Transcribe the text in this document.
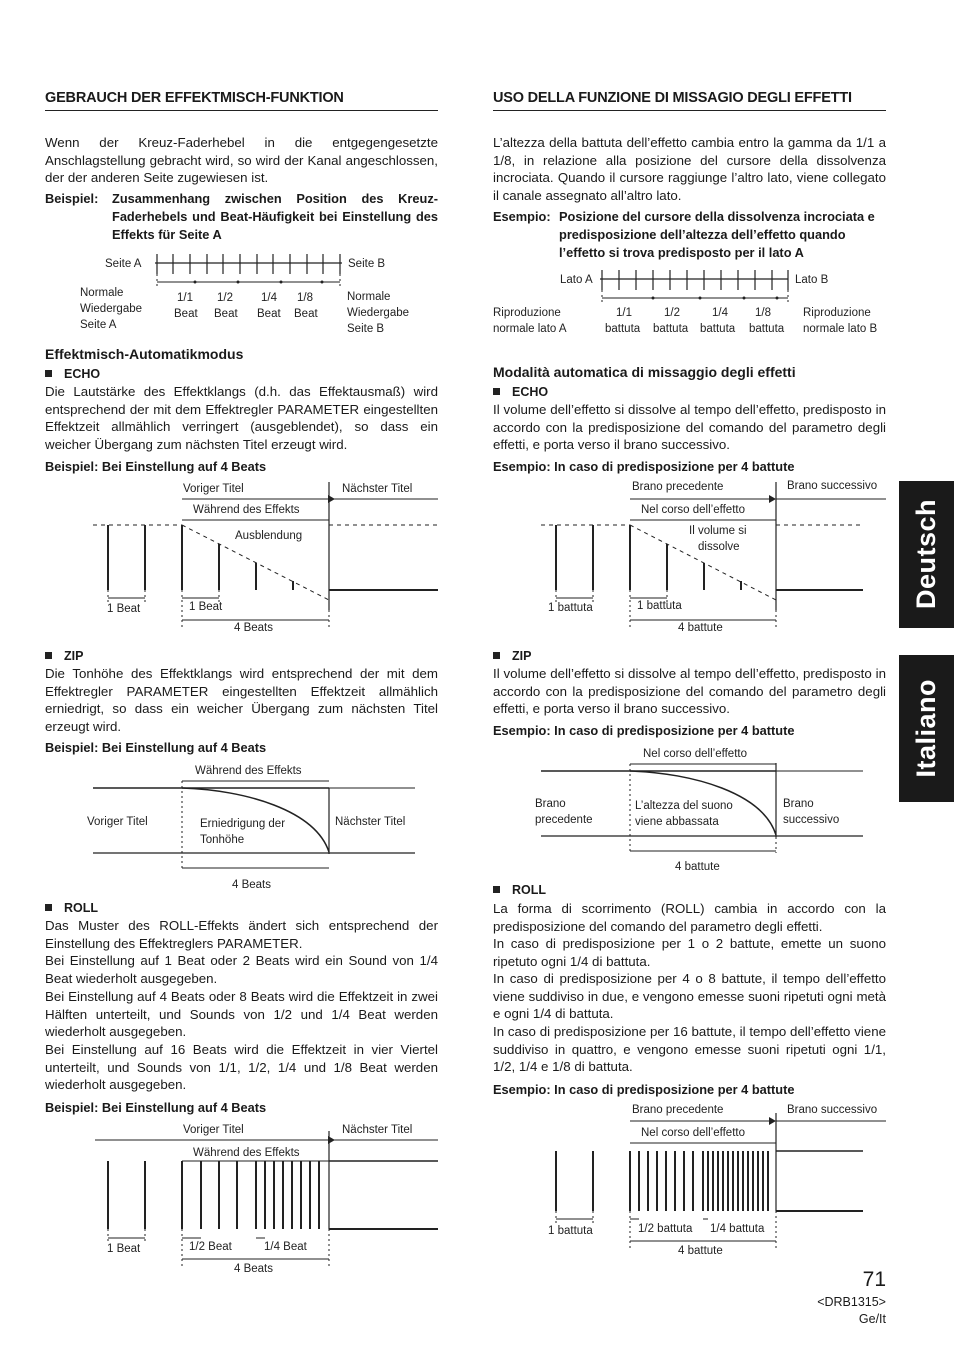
GEBRAUCH DER EFFEKTMISCH-FUNKTION	USO DELLA FUNZIONE DI MISSAGIO DEGLI EFFETTI
Wenn der Kreuz-Faderhebel in die entgegengesetzte Anschlagstellung gebracht wird, so wird der Kanal angeschlossen, der der anderen Seite zugewiesen ist.
Beispiel: Zusammenhang zwischen Position des Kreuz-Faderhebels und Beat-Häufigkeit bei Einstellung des Effekts für Seite A
Seite A	Seite B
Normale
Wiedergabe
Seite A
Normale
Wiedergabe
Seite B
1/1 1/2 1/4 1/8
Beat Beat Beat Beat
Effektmisch-Automatikmodus
ECHO
Die Lautstärke des Effektklangs (d.h. das Effektausmaß) wird entsprechend der mit dem Effektregler PARAMETER eingestellten Effektzeit allmählich verringert (ausgeblendet), so dass ein weicher Übergang zum nächsten Titel erzeugt wird.
Beispiel: Bei Einstellung auf 4 Beats
Voriger Titel	Nächster Titel
Während des Effekts
Ausblendung
1 Beat	1 Beat
4 Beats
ZIP
Die Tonhöhe des Effektklangs wird entsprechend der mit dem Effektregler PARAMETER eingestellten Effektzeit allmählich erniedrigt, so dass ein weicher Übergang zum nächsten Titel erzeugt wird.
Beispiel: Bei Einstellung auf 4 Beats
Während des Effekts
Voriger Titel	Erniedrigung der
Tonhöhe
Nächster Titel
4 Beats
ROLL
Das Muster des ROLL-Effekts ändert sich entsprechend der Einstellung des Effektreglers PARAMETER.
Bei Einstellung auf 1 Beat oder 2 Beats wird ein Sound von 1/4 Beat wiederholt ausgegeben.
Bei Einstellung auf 4 Beats oder 8 Beats wird die Effektzeit in zwei Hälften unterteilt, und Sounds von 1/2 und 1/4 Beat werden wiederholt ausgegeben.
Bei Einstellung auf 16 Beats wird die Effektzeit in vier Viertel unterteilt, und Sounds von 1/1, 1/2, 1/4 und 1/8 Beat werden wiederholt ausgegeben.
Beispiel: Bei Einstellung auf 4 Beats
Voriger Titel	Nächster Titel
Während des Effekts
1 Beat	1/2 Beat	1/4 Beat
4 Beats
L’altezza della battuta dell’effetto cambia entro la gamma da 1/1 a 1/8, in relazione alla posizione del cursore della dissolvenza incrociata. Quando il cursore raggiunge l’altro lato, viene collegato il canale assegnato all’altro lato.
Esempio: Posizione del cursore della dissolvenza incrociata e predisposizione dell’altezza dell’effetto quando l’effetto si trova predisposto per il lato A
Lato A	Lato B
Riproduzione
normale lato A
Riproduzione
normale lato B
1/1	1/2	1/4 1/8
battuta battuta battuta battuta
Modalità automatica di missaggio degli effetti
ECHO
Il volume dell’effetto si dissolve al tempo dell’effetto, predisposto in accordo con la predisposizione del comando del parametro degli effetti, e porta verso il brano successivo.
Esempio: In caso di predisposizione per 4 battute
Brano precedente	Brano successivo
Nel corso dell’effetto
Il volume si
dissolve
1 battuta	1 battuta
4 battute
ZIP
Il volume dell’effetto si dissolve al tempo dell’effetto, predisposto in accordo con la predisposizione del comando del parametro degli effetti, e porta verso il brano successivo.
Esempio: In caso di predisposizione per 4 battute
Nel corso dell’effetto
Brano
precedente
L’altezza del suono
viene abbassata
Brano
successivo
4 battute
ROLL
La forma di scorrimento (ROLL) cambia in accordo con la predisposizione del comando del parametro degli effetti.
In caso di predisposizione per 1 o 2 battute, emette un suono ripetuto ogni 1/4 di battuta.
In caso di predisposizione per 4 o 8 battute, il tempo dell’effetto viene suddiviso in due, e vengono emesse suoni ripetuti ogni metà e ogni 1/4 di battuta.
In caso di predisposizione per 16 battute, il tempo dell’effetto viene suddiviso in quattro, e vengono emesse suoni ripetuti ogni 1/1, 1/2, 1/4 e 1/8 di battuta.
Esempio: In caso di predisposizione per 4 battute
Brano precedente	Brano successivo
Nel corso dell’effetto
1 battuta	1/2 battuta 1/4 battuta
4 battute
Deutsch
Italiano
71
<DRB1315>
Ge/It
